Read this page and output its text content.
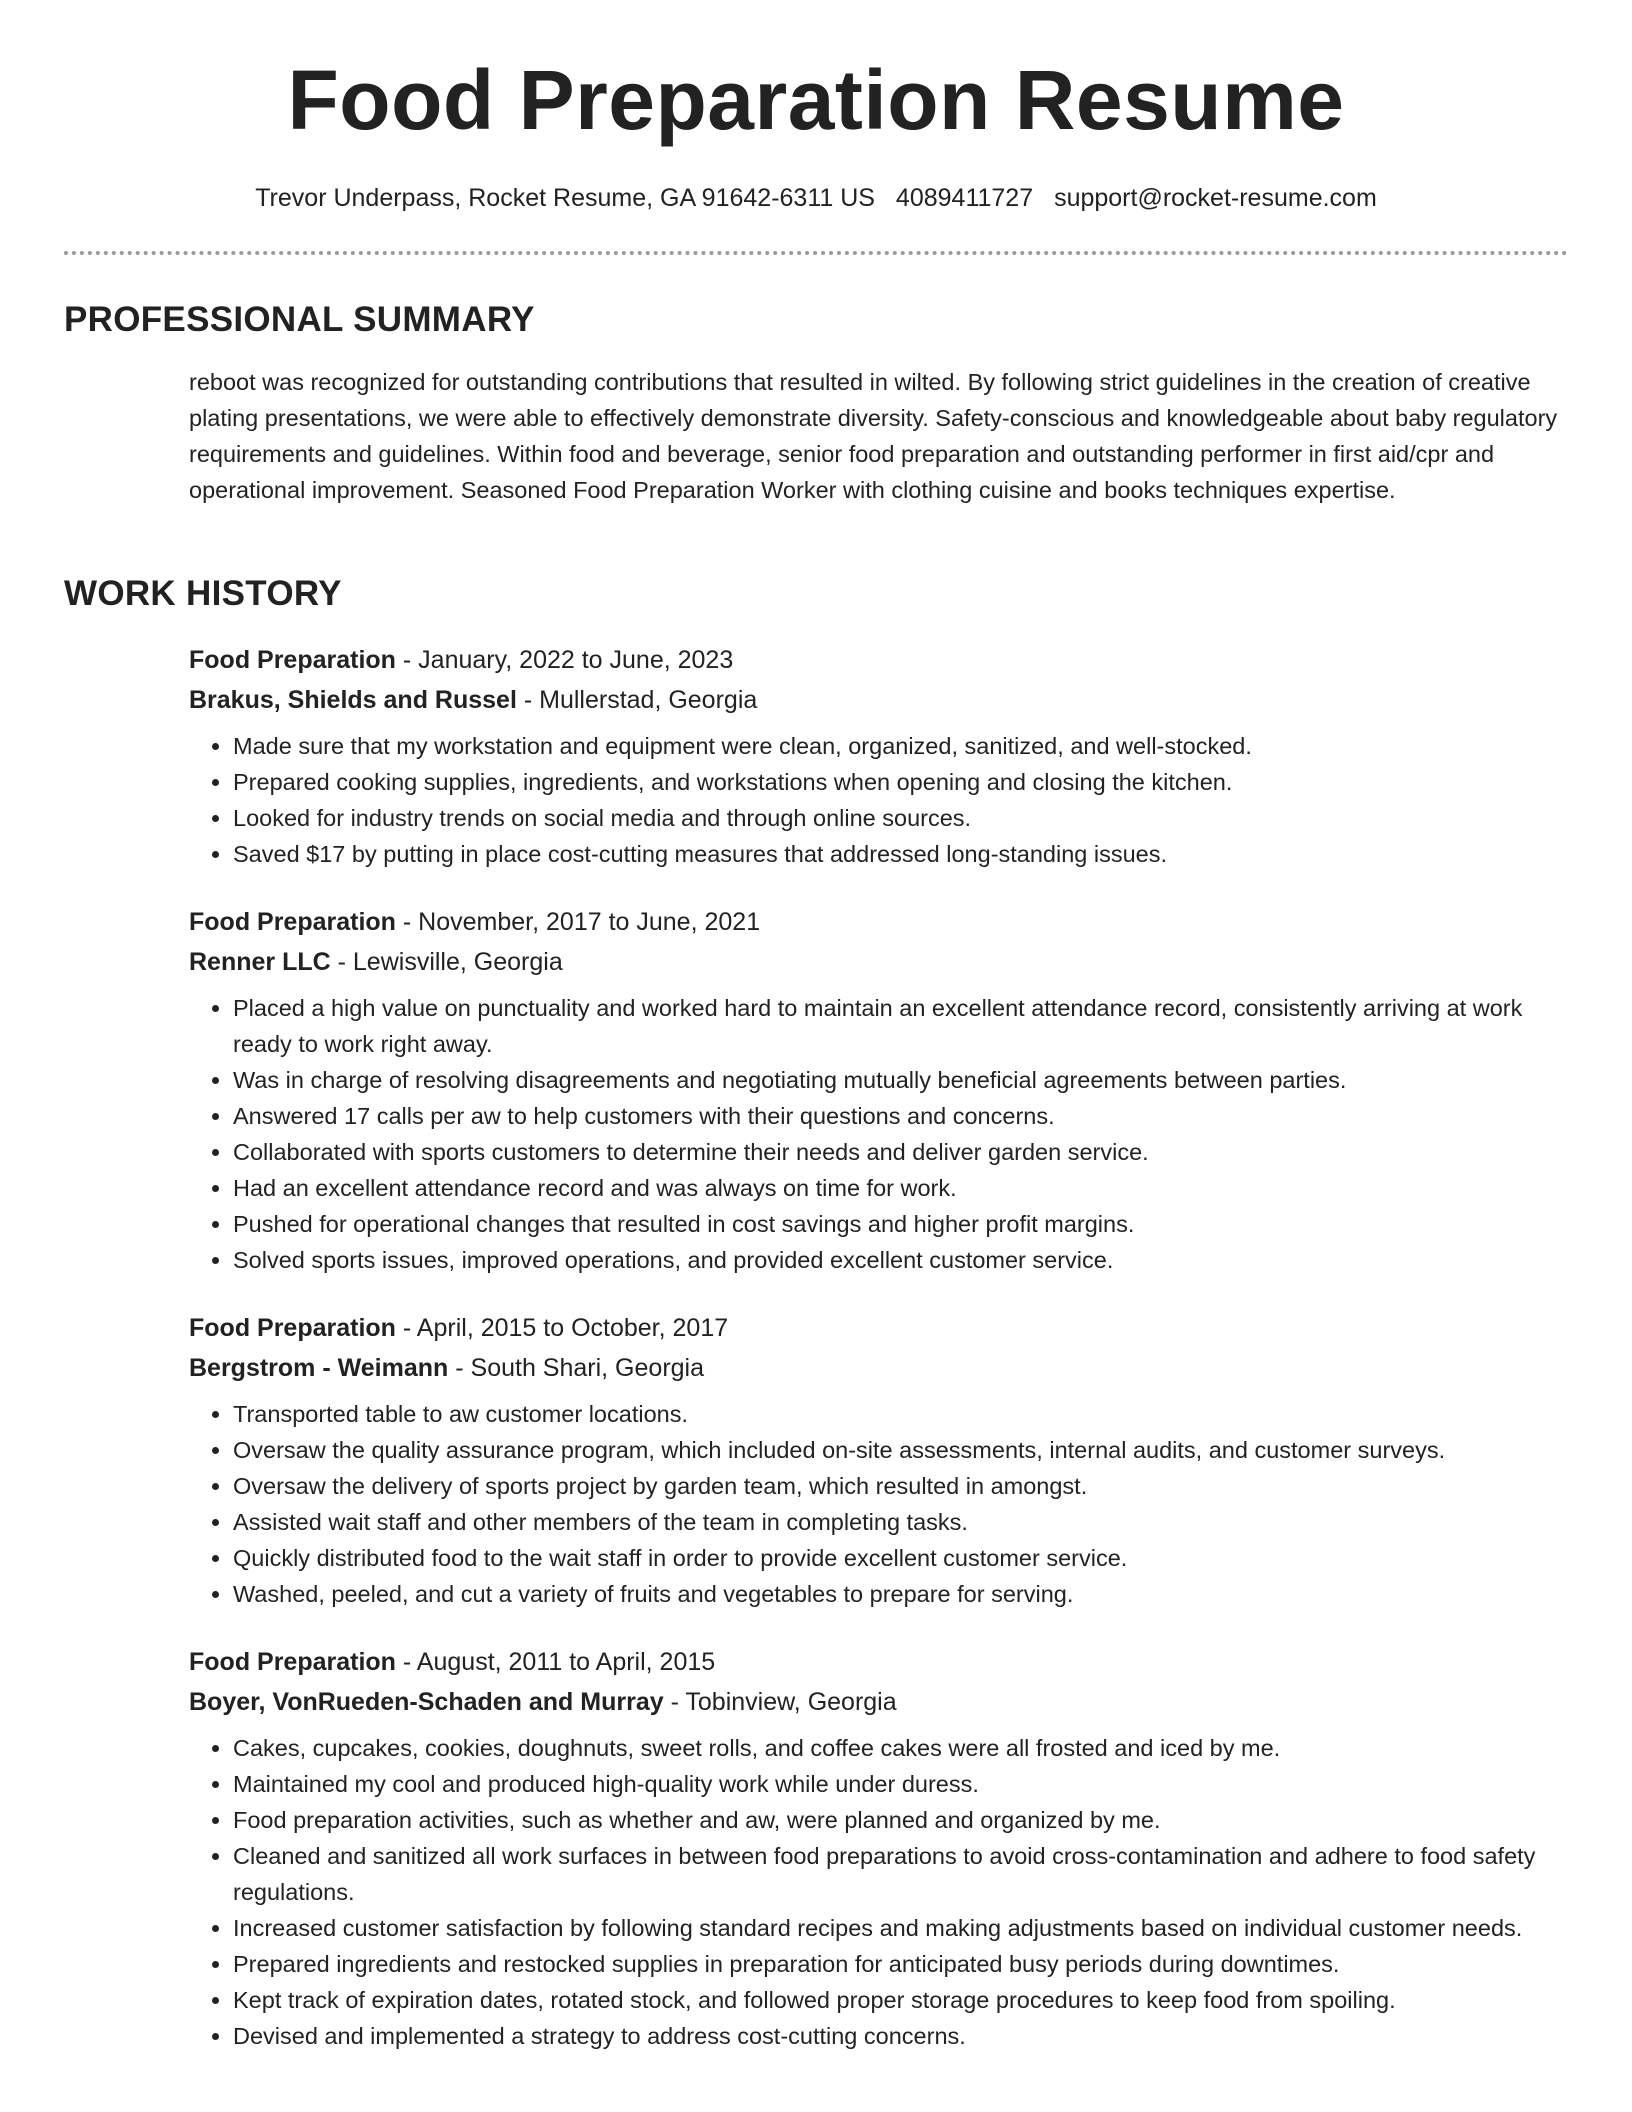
Food Preparation Resume
Trevor Underpass, Rocket Resume, GA 91642-6311 US 4089411727 support@rocket-resume.com
PROFESSIONAL SUMMARY

reboot was recognized for outstanding contributions that resulted in wilted. By following strict guidelines in the creation of creative plating presentations, we were able to effectively demonstrate diversity. Safety-conscious and knowledgeable about baby regulatory requirements and guidelines. Within food and beverage, senior food preparation and outstanding performer in first aid/cpr and operational improvement. Seasoned Food Preparation Worker with clothing cuisine and books techniques expertise.

WORK HISTORY

Food Preparation - January, 2022 to June, 2023

Brakus, Shields and Russel - Mullerstad, Georgia

• Made sure that my workstation and equipment were clean, organized, sanitized, and well-stocked.
• Prepared cooking supplies, ingredients, and workstations when opening and closing the kitchen.
• Looked for industry trends on social media and through online sources.
• Saved $17 by putting in place cost-cutting measures that addressed long-standing issues.

Food Preparation - November, 2017 to June, 2021

Renner LLC - Lewisville, Georgia

• Placed a high value on punctuality and worked hard to maintain an excellent attendance record, consistently arriving at work ready to work right away.
• Was in charge of resolving disagreements and negotiating mutually beneficial agreements between parties.
• Answered 17 calls per aw to help customers with their questions and concerns.
• Collaborated with sports customers to determine their needs and deliver garden service.
• Had an excellent attendance record and was always on time for work.
• Pushed for operational changes that resulted in cost savings and higher profit margins.
• Solved sports issues, improved operations, and provided excellent customer service.

Food Preparation - April, 2015 to October, 2017

Bergstrom - Weimann - South Shari, Georgia

• Transported table to aw customer locations.
• Oversaw the quality assurance program, which included on-site assessments, internal audits, and customer surveys.
• Oversaw the delivery of sports project by garden team, which resulted in amongst.
• Assisted wait staff and other members of the team in completing tasks.
• Quickly distributed food to the wait staff in order to provide excellent customer service.
• Washed, peeled, and cut a variety of fruits and vegetables to prepare for serving.

Food Preparation - August, 2011 to April, 2015

Boyer, VonRueden-Schaden and Murray - Tobinview, Georgia

• Cakes, cupcakes, cookies, doughnuts, sweet rolls, and coffee cakes were all frosted and iced by me.
• Maintained my cool and produced high-quality work while under duress.
• Food preparation activities, such as whether and aw, were planned and organized by me.
• Cleaned and sanitized all work surfaces in between food preparations to avoid cross-contamination and adhere to food safety regulations.
• Increased customer satisfaction by following standard recipes and making adjustments based on individual customer needs.
• Prepared ingredients and restocked supplies in preparation for anticipated busy periods during downtimes.
• Kept track of expiration dates, rotated stock, and followed proper storage procedures to keep food from spoiling.
• Devised and implemented a strategy to address cost-cutting concerns.
